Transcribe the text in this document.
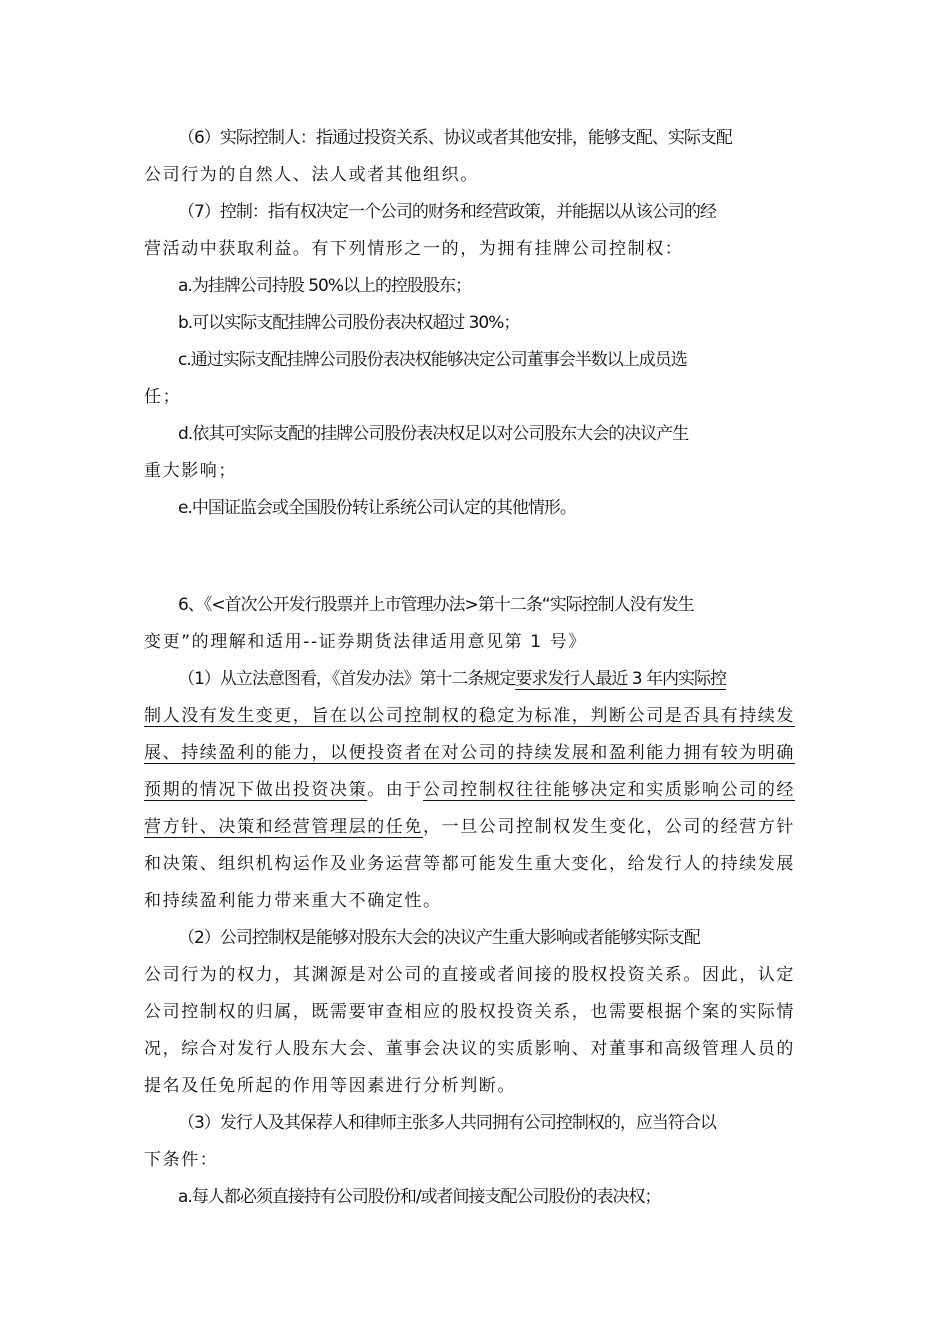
（6）实际控制人：指通过投资关系、协议或者其他安排，能够支配、实际支配
公司行为的自然人、法人或者其他组织。
（7）控制：指有权决定一个公司的财务和经营政策，并能据以从该公司的经
营活动中获取利益。有下列情形之一的，为拥有挂牌公司控制权：
a.为挂牌公司持股 50%以上的控股股东；
b.可以实际支配挂牌公司股份表决权超过 30%；
c.通过实际支配挂牌公司股份表决权能够决定公司董事会半数以上成员选
任；
d.依其可实际支配的挂牌公司股份表决权足以对公司股东大会的决议产生
重大影响；
e.中国证监会或全国股份转让系统公司认定的其他情形。
6、《<首次公开发行股票并上市管理办法>第十二条“实际控制人没有发生
变更”的理解和适用--证券期货法律适用意见第 1 号》
（1）从立法意图看，《首发办法》第十二条规定要求发行人最近 3 年内实际控
制人没有发生变更，旨在以公司控制权的稳定为标准，判断公司是否具有持续发
展、持续盈利的能力，以便投资者在对公司的持续发展和盈利能力拥有较为明确
预期的情况下做出投资决策。由于公司控制权往往能够决定和实质影响公司的经
营方针、决策和经营管理层的任免，一旦公司控制权发生变化，公司的经营方针
和决策、组织机构运作及业务运营等都可能发生重大变化，给发行人的持续发展
和持续盈利能力带来重大不确定性。
（2）公司控制权是能够对股东大会的决议产生重大影响或者能够实际支配
公司行为的权力，其渊源是对公司的直接或者间接的股权投资关系。因此，认定
公司控制权的归属，既需要审查相应的股权投资关系，也需要根据个案的实际情
况，综合对发行人股东大会、董事会决议的实质影响、对董事和高级管理人员的
提名及任免所起的作用等因素进行分析判断。
（3）发行人及其保荐人和律师主张多人共同拥有公司控制权的，应当符合以
下条件：
a.每人都必须直接持有公司股份和/或者间接支配公司股份的表决权；
